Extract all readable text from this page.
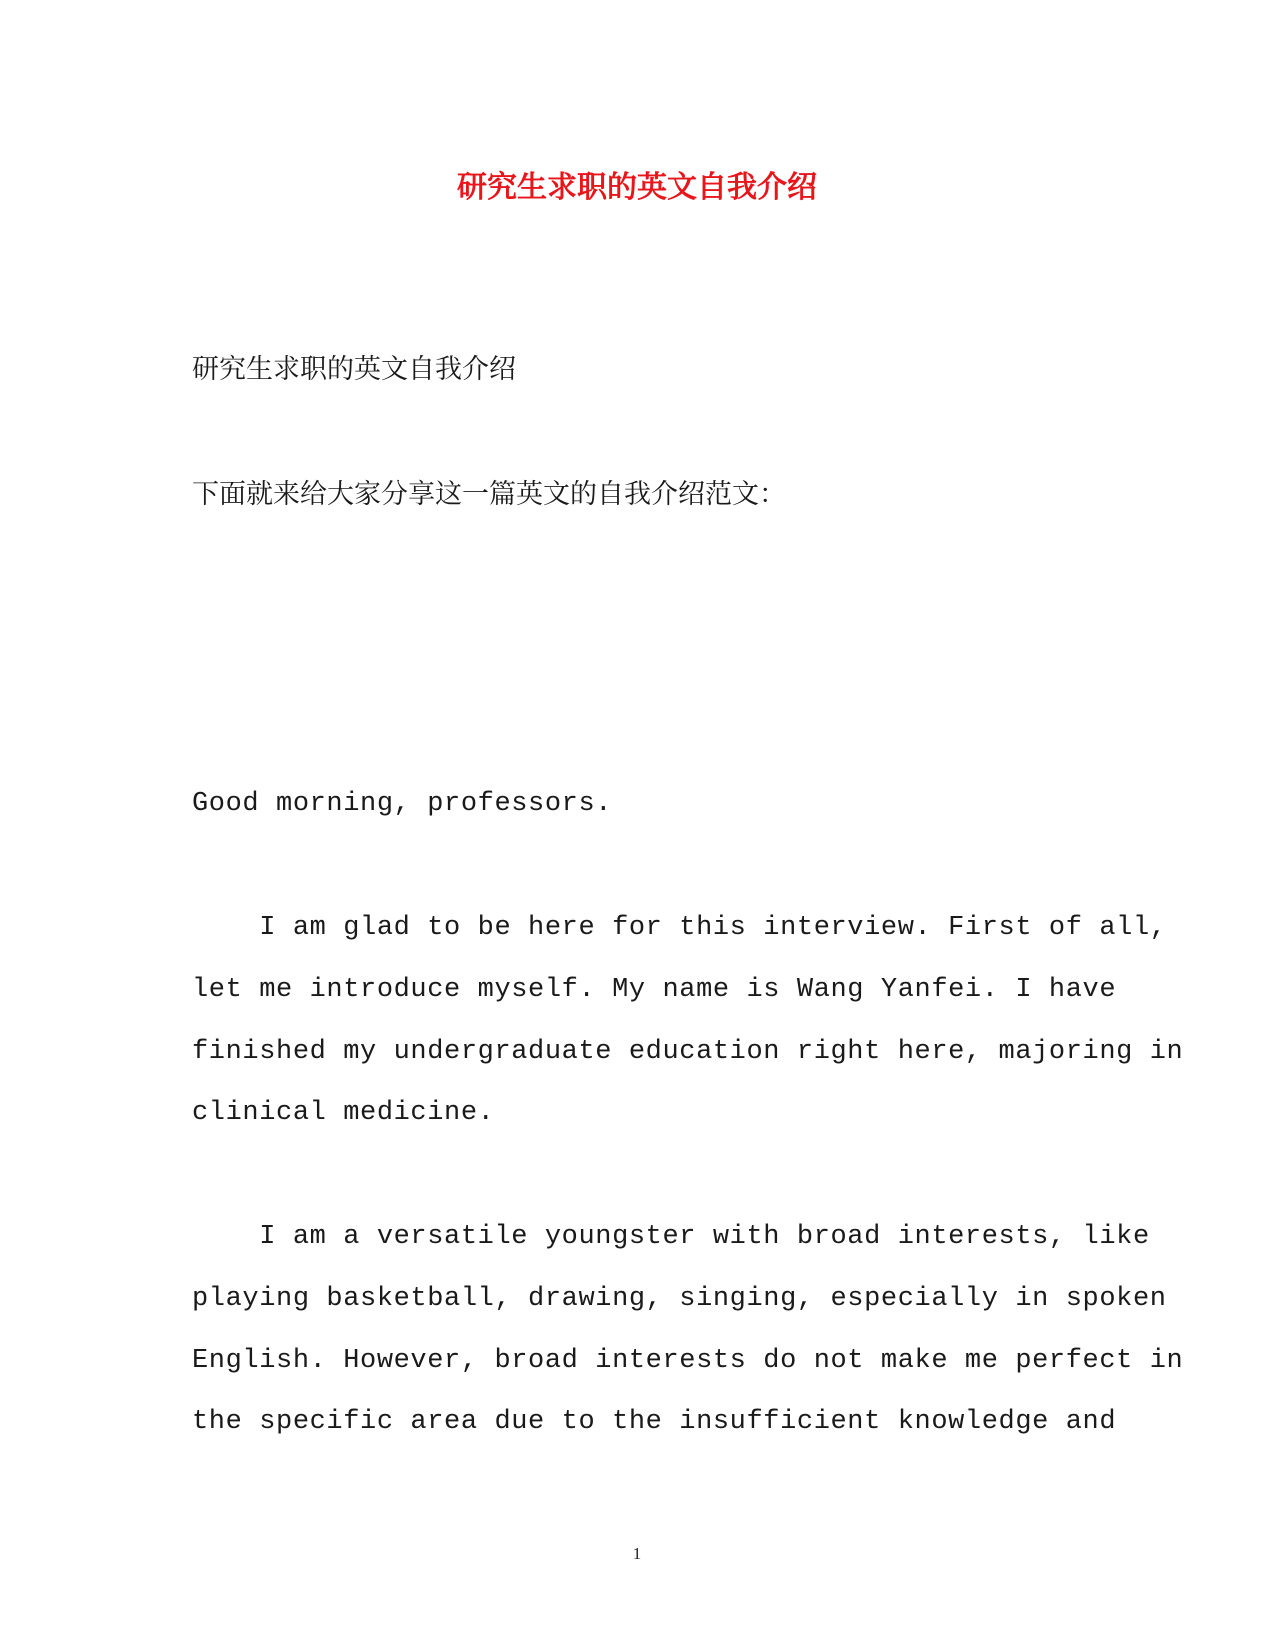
研究生求职的英文自我介绍

研究生求职的英文自我介绍

下面就来给大家分享这一篇英文的自我介绍范文：

Good morning, professors.

I am glad to be here for this interview. First of all,

let me introduce myself. My name is Wang Yanfei. I have

finished my undergraduate education right here, majoring in

clinical medicine.

I am a versatile youngster with broad interests, like

playing basketball, drawing, singing, especially in spoken

English. However, broad interests do not make me perfect in

the specific area due to the insufficient knowledge and

1
